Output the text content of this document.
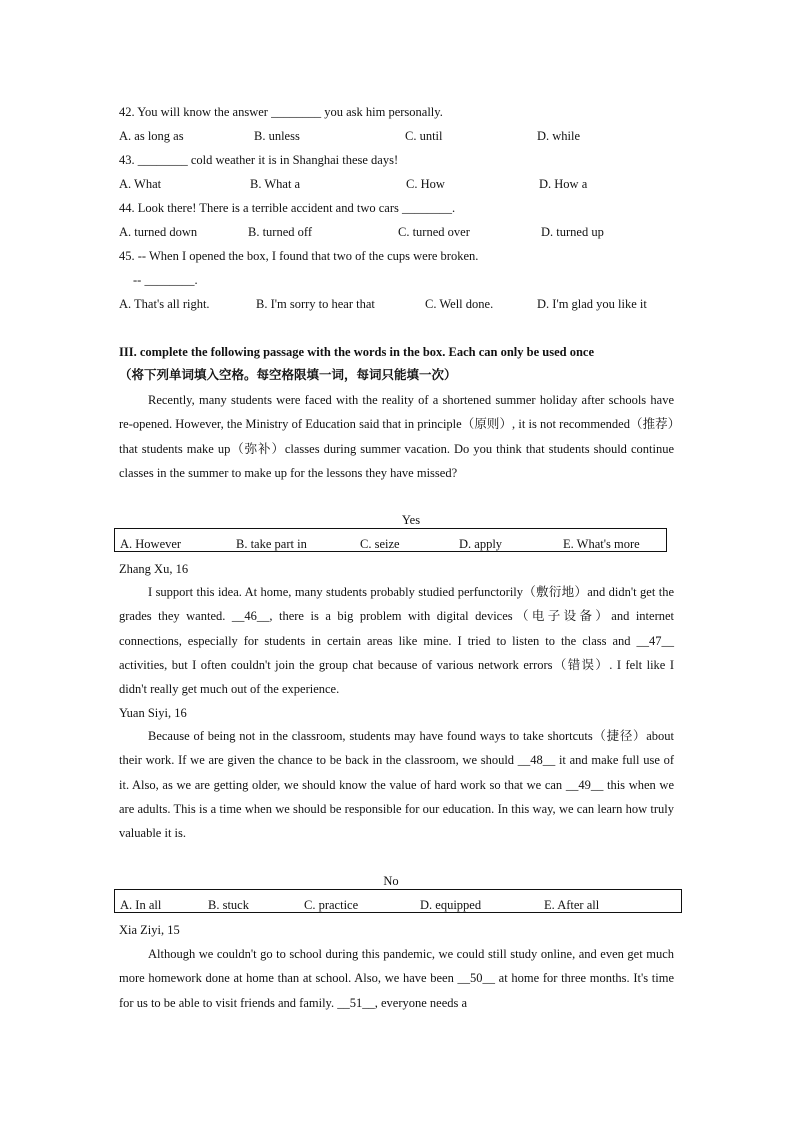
42. You will know the answer ________ you ask him personally.
A. as long as	B. unless	C. until	D. while
43. ________ cold weather it is in Shanghai these days!
A. What	B. What a	C. How	D. How a
44. Look there! There is a terrible accident and two cars ________.
A. turned down	B. turned off	C. turned over	D. turned up
45. -- When I opened the box, I found that two of the cups were broken.
-- ________.
A. That's all right.	B. I'm sorry to hear that	C. Well done.	D. I'm glad you like it
III. complete the following passage with the words in the box. Each can only be used once
（将下列单词填入空格。每空格限填一词，每词只能填一次）

Recently, many students were faced with the reality of a shortened summer holiday after schools have re-opened. However, the Ministry of Education said that in principle（原则）, it is not recommended（推荐）that students make up（弥补）classes during summer vacation. Do you think that students should continue classes in the summer to make up for the lessons they have missed?

Yes
A. However	B. take part in	C. seize	D. apply	E. What's more
Zhang Xu, 16

I support this idea. At home, many students probably studied perfunctorily（敷衍地）and didn't get the grades they wanted. __46__, there is a big problem with digital devices（电子设备）and internet connections, especially for students in certain areas like mine. I tried to listen to the class and __47__ activities, but I often couldn't join the group chat because of various network errors（错误）. I felt like I didn't really get much out of the experience.

Yuan Siyi, 16

Because of being not in the classroom, students may have found ways to take shortcuts（捷径）about their work. If we are given the chance to be back in the classroom, we should __48__ it and make full use of it. Also, as we are getting older, we should know the value of hard work so that we can __49__ this when we are adults. This is a time when we should be responsible for our education. In this way, we can learn how truly valuable it is.

No
A. In all	B. stuck	C. practice	D. equipped	E. After all
Xia Ziyi, 15

Although we couldn't go to school during this pandemic, we could still study online, and even get much more homework done at home than at school. Also, we have been __50__ at home for three months. It's time for us to be able to visit friends and family. __51__, everyone needs a
